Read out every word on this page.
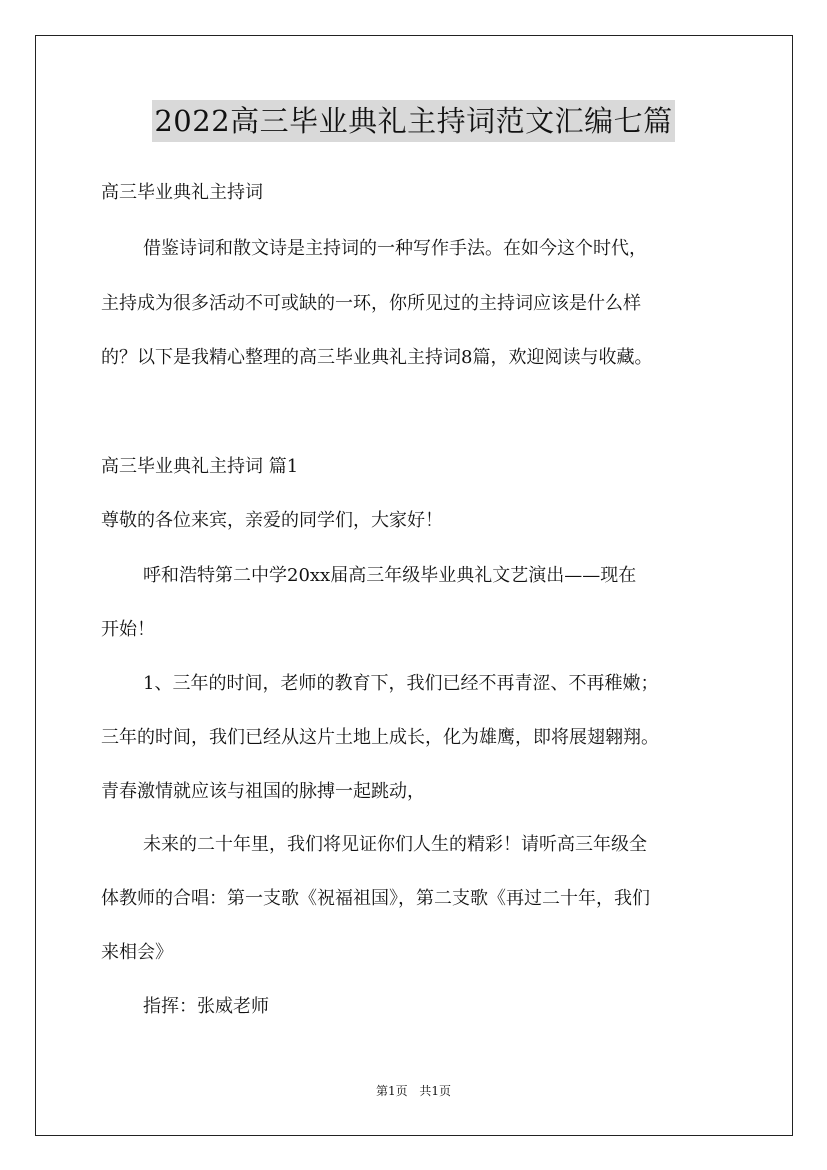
2022高三毕业典礼主持词范文汇编七篇
高三毕业典礼主持词
借鉴诗词和散文诗是主持词的一种写作手法。在如今这个时代，
主持成为很多活动不可或缺的一环，你所见过的主持词应该是什么样
的？以下是我精心整理的高三毕业典礼主持词8篇，欢迎阅读与收藏。
高三毕业典礼主持词 篇1
尊敬的各位来宾，亲爱的同学们，大家好！
呼和浩特第二中学20xx届高三年级毕业典礼文艺演出——现在
开始！
1、三年的时间，老师的教育下，我们已经不再青涩、不再稚嫩；
三年的时间，我们已经从这片土地上成长，化为雄鹰，即将展翅翱翔。
青春激情就应该与祖国的脉搏一起跳动，
未来的二十年里，我们将见证你们人生的精彩！请听高三年级全
体教师的合唱：第一支歌《祝福祖国》，第二支歌《再过二十年，我们
来相会》
指挥：张威老师
第1页 共1页
